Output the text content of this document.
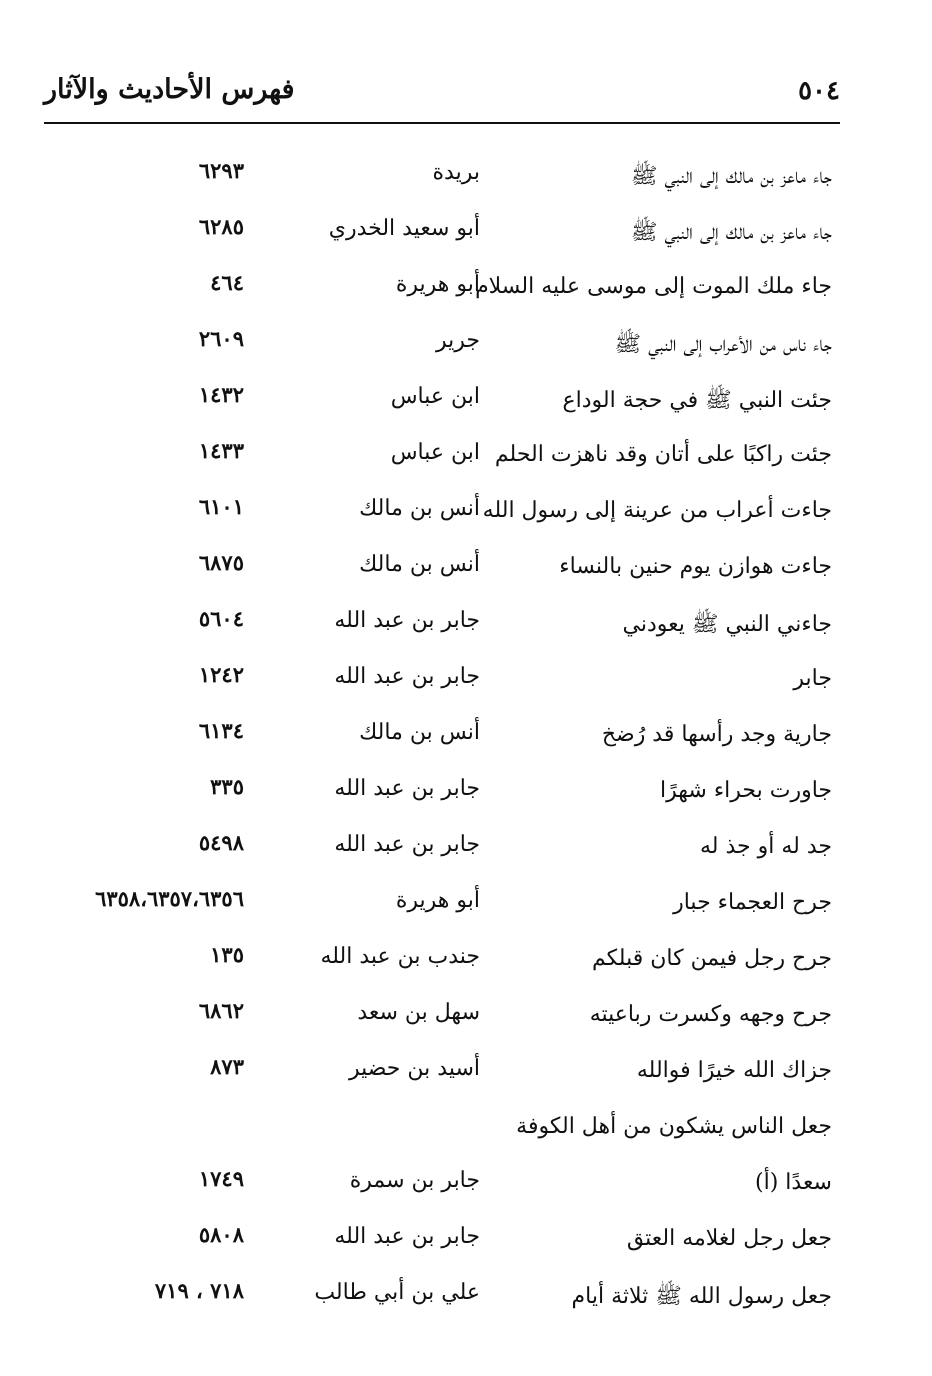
فهرس الأحاديث والآثار	٥٠٤
جاء ماعز بن مالك إلى النبي ﷺ
بريدة
٦٢٩٣
جاء ماعز بن مالك إلى النبي ﷺ
أبو سعيد الخدري
٦٢٨٥
جاء ملك الموت إلى موسى عليه السلام
أبو هريرة
٤٦٤
جاء ناس من الأعراب إلى النبي ﷺ
جرير
٢٦٠٩
جئت النبي ﷺ في حجة الوداع
ابن عباس
١٤٣٢
جئت راكبًا على أتان وقد ناهزت الحلم
ابن عباس
١٤٣٣
جاءت أعراب من عرينة إلى رسول الله
أنس بن مالك
٦١٠١
جاءت هوازن يوم حنين بالنساء
أنس بن مالك
٦٨٧٥
جاءني النبي ﷺ يعودني
جابر بن عبد الله
٥٦٠٤
جابر
جابر بن عبد الله
١٢٤٢
جارية وجد رأسها قد رُضخ
أنس بن مالك
٦١٣٤
جاورت بحراء شهرًا
جابر بن عبد الله
٣٣٥
جد له أو جذ له
جابر بن عبد الله
٥٤٩٨
جرح العجماء جبار
أبو هريرة
٦٣٥٨،٦٣٥٧،٦٣٥٦
جرح رجل فيمن كان قبلكم
جندب بن عبد الله
١٣٥
جرح وجهه وكسرت رباعيته
سهل بن سعد
٦٨٦٢
جزاك الله خيرًا فوالله
أسيد بن حضير
٨٧٣
جعل الناس يشكون من أهل الكوفة
سعدًا (أ)
جابر بن سمرة
١٧٤٩
جعل رجل لغلامه العتق
جابر بن عبد الله
٥٨٠٨
جعل رسول الله ﷺ ثلاثة أيام
علي بن أبي طالب
٧١٨ ، ٧١٩
